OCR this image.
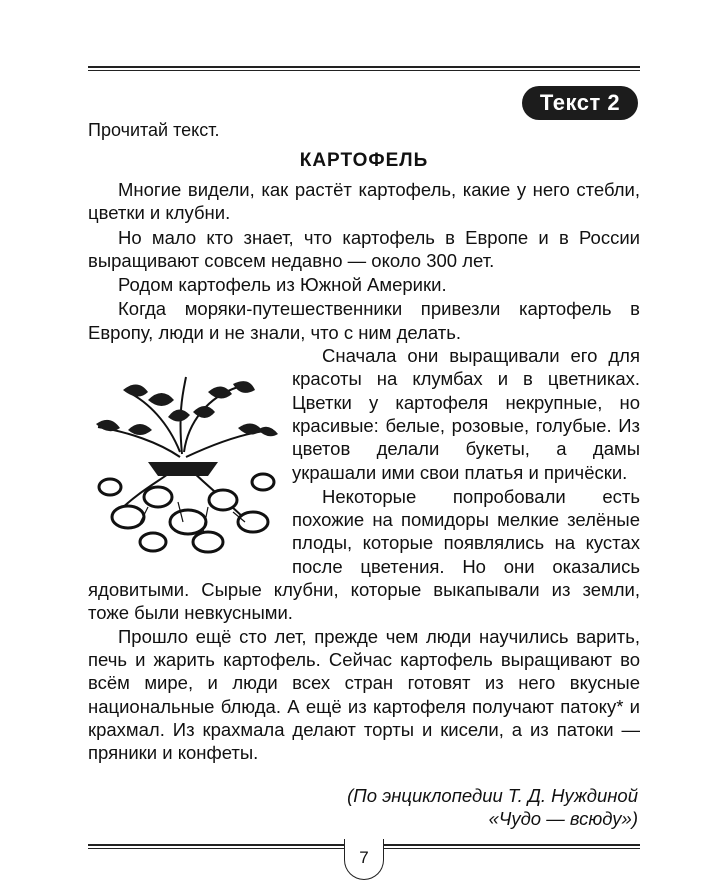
Текст 2
Прочитай текст.
КАРТОФЕЛЬ

Многие видели, как растёт картофель, какие у него стебли, цветки и клубни.

Но мало кто знает, что картофель в Европе и в России выращивают совсем недавно — около 300 лет.

Родом картофель из Южной Америки.

Когда моряки-путешественники привезли картофель в Европу, люди и не знали, что с ним делать.

Сначала они выращивали его для красоты на клумбах и в цветниках. Цветки у картофеля некрупные, но красивые: белые, розовые, голубые. Из цветов делали букеты, а дамы украшали ими свои платья и причёски.

Некоторые попробовали есть похожие на помидоры мелкие зелёные плоды, которые появлялись на кустах после цветения. Но они оказались ядовитыми. Сырые клубни, которые выкапывали из земли, тоже были невкусными.

Прошло ещё сто лет, прежде чем люди научились варить, печь и жарить картофель. Сейчас картофель выращивают во всём мире, и люди всех стран готовят из него вкусные национальные блюда. А ещё из картофеля получают патоку* и крахмал. Из крахмала делают торты и кисели, а из патоки — пряники и конфеты.

(По энциклопедии Т. Д. Нуждиной
«Чудо — всюду»)
7
